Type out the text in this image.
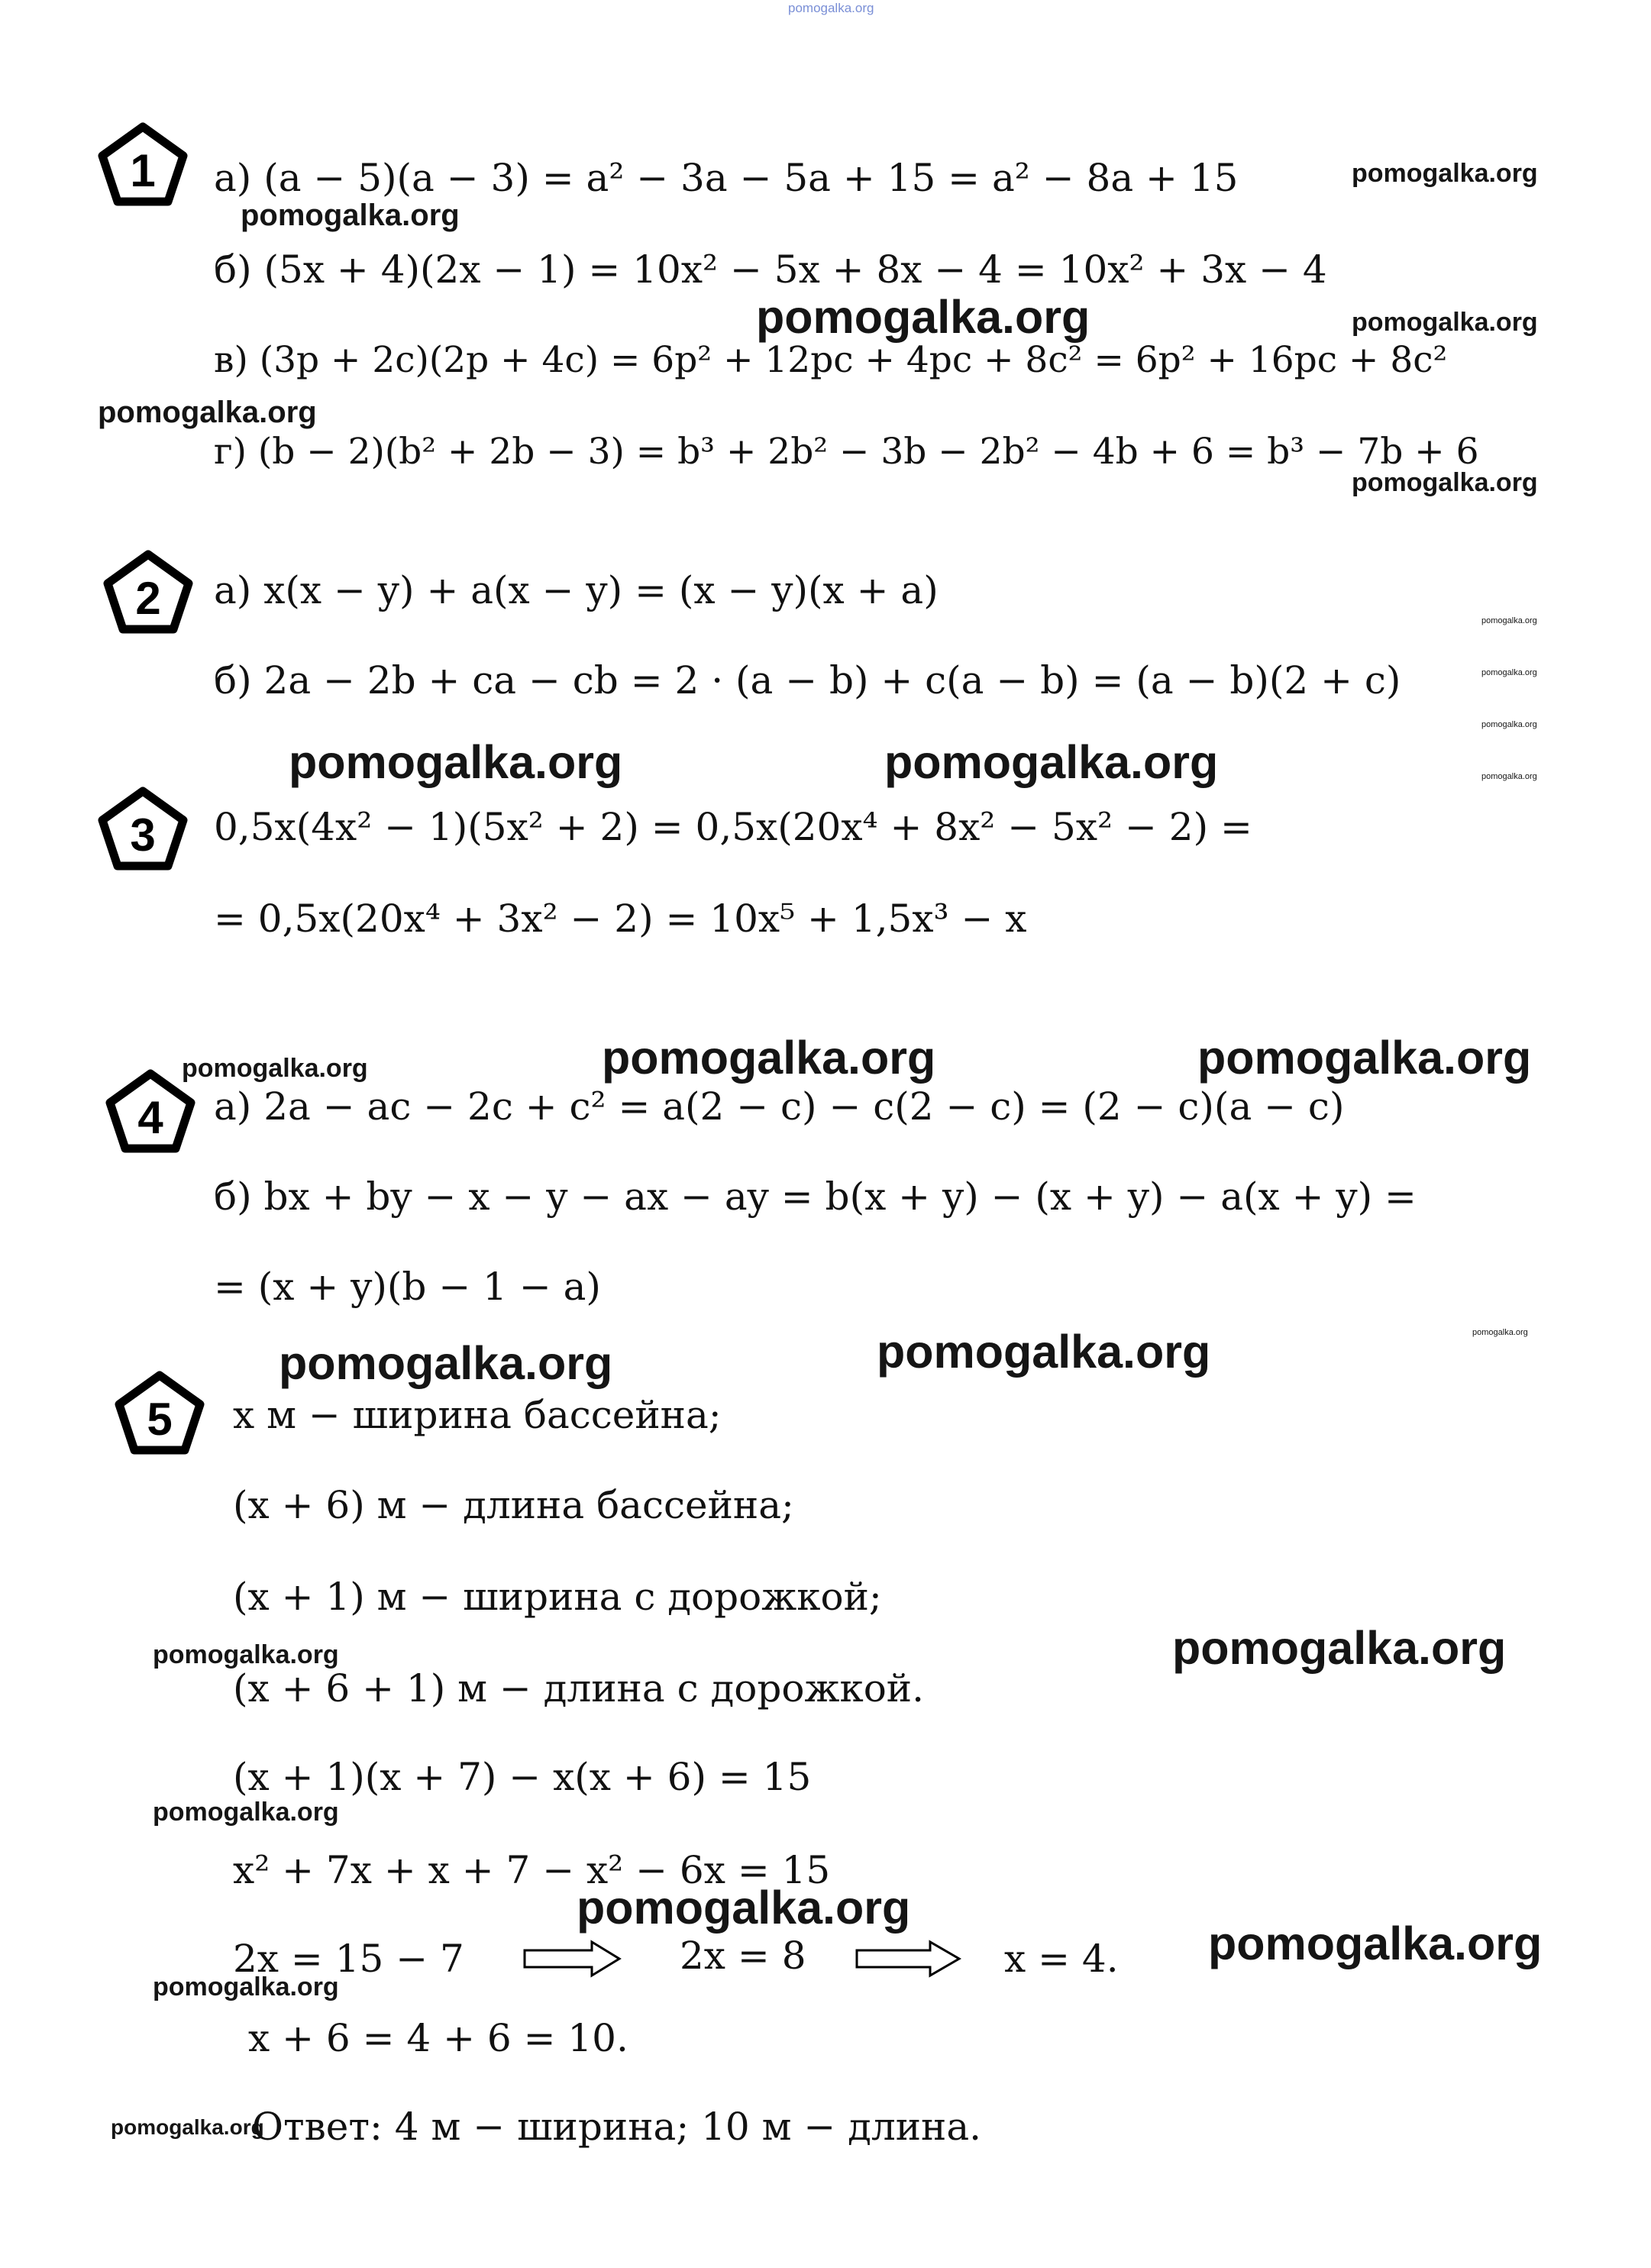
pomogalka.org
1 а) (a − 5)(a − 3) = a² − 3a − 5a + 15 = a² − 8a + 15
б) (5x + 4)(2x − 1) = 10x² − 5x + 8x − 4 = 10x² + 3x − 4
в) (3p + 2c)(2p + 4c) = 6p² + 12pc + 4pc + 8c² = 6p² + 16pc + 8c²
г) (b − 2)(b² + 2b − 3) = b³ + 2b² − 3b − 2b² − 4b + 6 = b³ − 7b + 6
pomogalka.org
pomogalka.org
pomogalka.org	pomogalka.org
pomogalka.org
pomogalka.org
2 а) x(x − y) + a(x − y) = (x − y)(x + a)
б) 2a − 2b + ca − cb = 2 · (a − b) + c(a − b) = (a − b)(2 + c)
pomogalka.org
pomogalka.org
pomogalka.org
pomogalka.org
pomogalka.org	pomogalka.org
3 0,5x(4x² − 1)(5x² + 2) = 0,5x(20x⁴ + 8x² − 5x² − 2) =
= 0,5x(20x⁴ + 3x² − 2) = 10x⁵ + 1,5x³ − x
pomogalka.org	pomogalka.org	pomogalka.org
4 а) 2a − ac − 2c + c² = a(2 − c) − c(2 − c) = (2 − c)(a − c)
б) bx + by − x − y − ax − ay = b(x + y) − (x + y) − a(x + y) =
= (x + y)(b − 1 − a)
pomogalka.org
pomogalka.org	pomogalka.org
5 x м − ширина бассейна;
(x + 6) м − длина бассейна;
(x + 1) м − ширина с дорожкой;
pomogalka.org	pomogalka.org
(x + 6 + 1) м − длина с дорожкой.
(x + 1)(x + 7) − x(x + 6) = 15
pomogalka.org
x² + 7x + x + 7 − x² − 6x = 15
pomogalka.org
2x = 15 − 7	2x = 8	x = 4. pomogalka.org
pomogalka.org
x + 6 = 4 + 6 = 10.
pomogalka.org
Ответ: 4 м − ширина; 10 м − длина.
